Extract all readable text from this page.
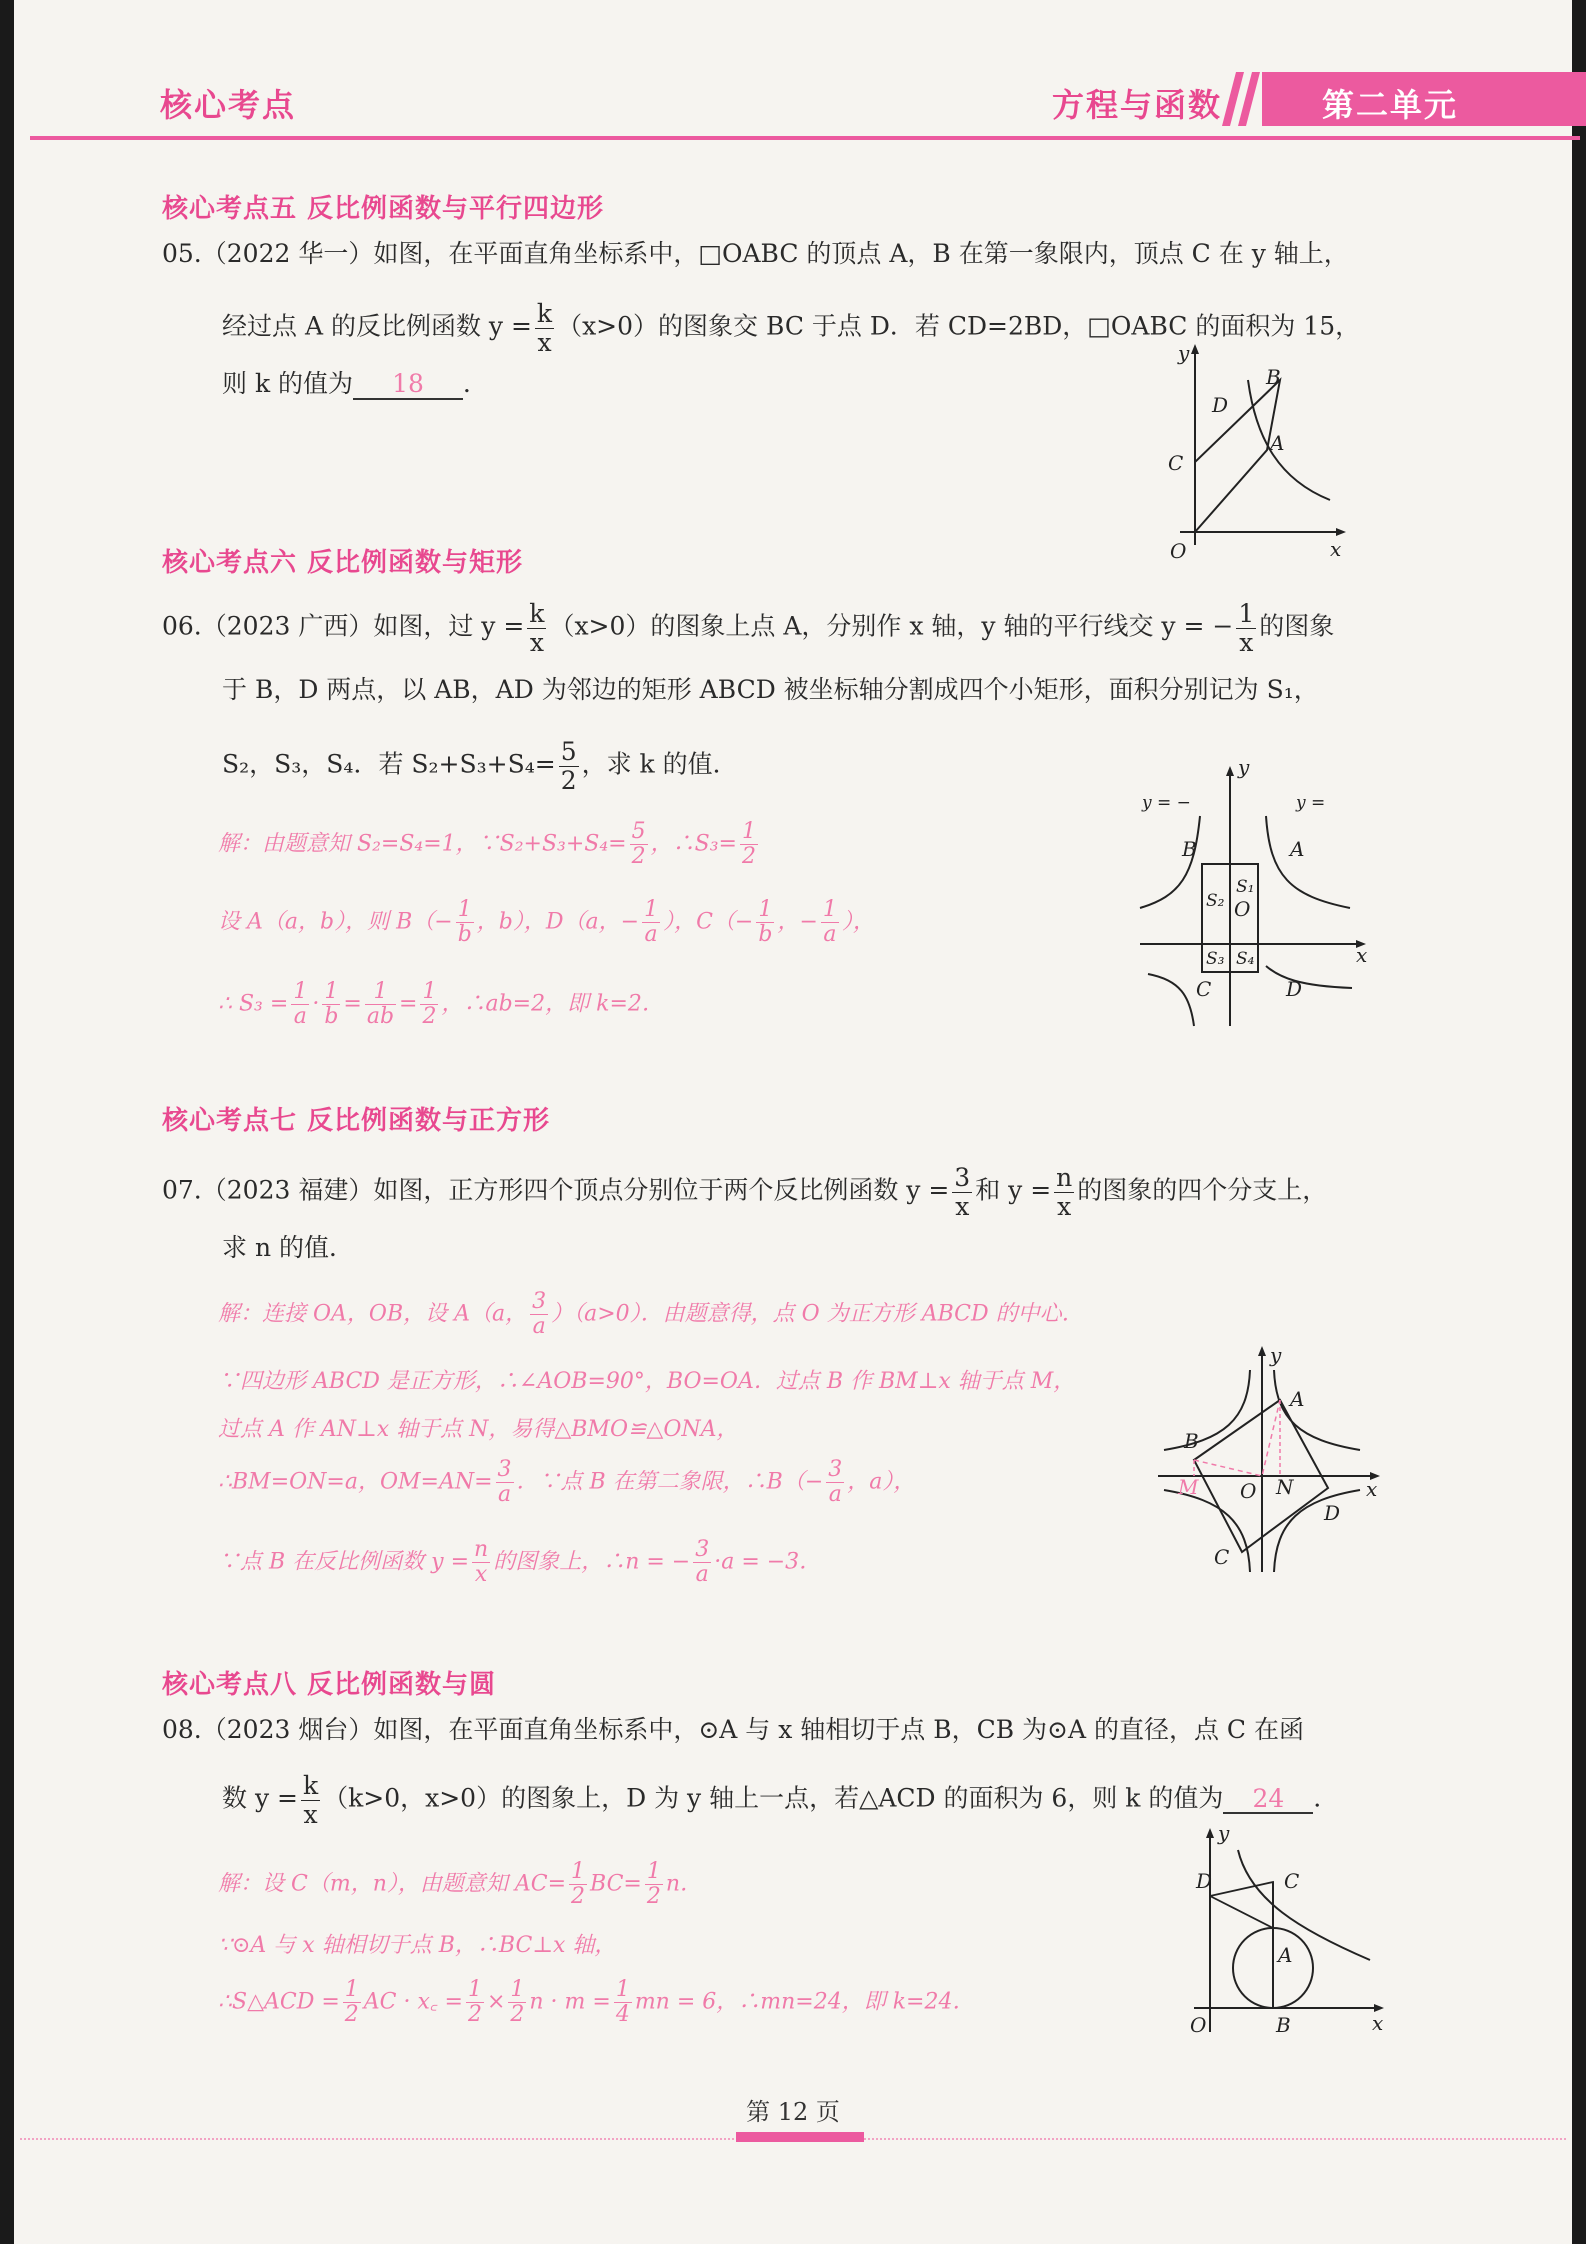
核心考点	方程与函数	第二单元
核心考点五 反比例函数与平行四边形
05.（2022 华一）如图，在平面直角坐标系中，□OABC 的顶点 A，B 在第一象限内，顶点 C 在 y 轴上，
经过点 A 的反比例函数 $y = \frac{k}{x} (x>0)$的图象交 BC 于点 D．若 CD=2BD，□OABC 的面积为 15，
则 k 的值为 18 ．
y
x
O
A
B
C
D
核心考点六 反比例函数与矩形
06.（2023 广西）如图，过 $y = \frac{k}{x} (x>0)$的图象上点 A，分别作 x 轴，y 轴的平行线交 y = − $\frac{1}{x}$ 的图象
于 B，D 两点，以 AB，AD 为邻边的矩形 ABCD 被坐标轴分割成四个小矩形，面积分别记为 S₁，
S₂，S₃，S₄．若 $S_2+S_3+S_4= \frac{5}{2}$ ，求 k 的值．
解：由题意知 S₂=S₄=1，∵S₂+S₃+S₄= $\frac{5}{2}$ ，∴S₃= $\frac{1}{2}$
设 A（a，b），则 $B(- \frac{1}{b}$ ，b），D（a，− $\frac{1}{a}$ ），$C(- \frac{1}{b}$ ，− $\frac{1}{a}$ ），
∴ $S_3 = \frac{1}{a} \cdot \frac{1}{b} = \frac{1}{ab} = \frac{1}{2}$ ，∴ab=2，即 k=2．
y = −	y =
y
x
O
A
B
C	D
S₁
S₂
S₃ S₄
核心考点七 反比例函数与正方形
07.（2023 福建）如图，正方形四个顶点分别位于两个反比例函数 $y = \frac{3}{x}$ 和 $y = \frac{n}{x}$ 的图象的四个分支上，
求 n 的值．
解：连接 OA，OB，设 A（a， $\frac{3}{a} )(a>0)$．由题意得，点 O 为正方形 ABCD 的中心．
∵四边形 ABCD 是正方形，∴∠AOB=90°，BO=OA．过点 B 作 BM⊥x 轴于点 M，
过点 A 作 AN⊥x 轴于点 N，易得△BMO≌△ONA，
∴BM=ON=a，$OM=AN= \frac{3}{a}$ ．∵点 B 在第二象限，∴B（− $\frac{3}{a}$ ，a），
∵点 B 在反比例函数 $y = \frac{n}{x}$ 的图象上，∴n = − $\frac{3}{a} \cdot a = -3$．
y
x
O
A
B
C
D
M	N
核心考点八 反比例函数与圆
08.（2023 烟台）如图，在平面直角坐标系中，⊙A 与 x 轴相切于点 B，CB 为⊙A 的直径，点 C 在函
数 $y = \frac{k}{x} (k>0$，x>0）的图象上，D 为 y 轴上一点，若△ACD 的面积为 6，则 k 的值为 24 ．
解：设 C（m，n），由题意知 $AC= \frac{1}{2} BC= \frac{1}{2}$ n．
∵⊙A 与 x 轴相切于点 B，∴BC⊥x 轴，
∴S△ACD = $\frac{1}{2}$ AC · x꜀ = $\frac{1}{2} \times \frac{1}{2}$ $n \cdot m = \frac{1}{4}$ mn = 6，∴mn=24，即 k=24．
y
x
O
A
B
C
D
第 12 页
